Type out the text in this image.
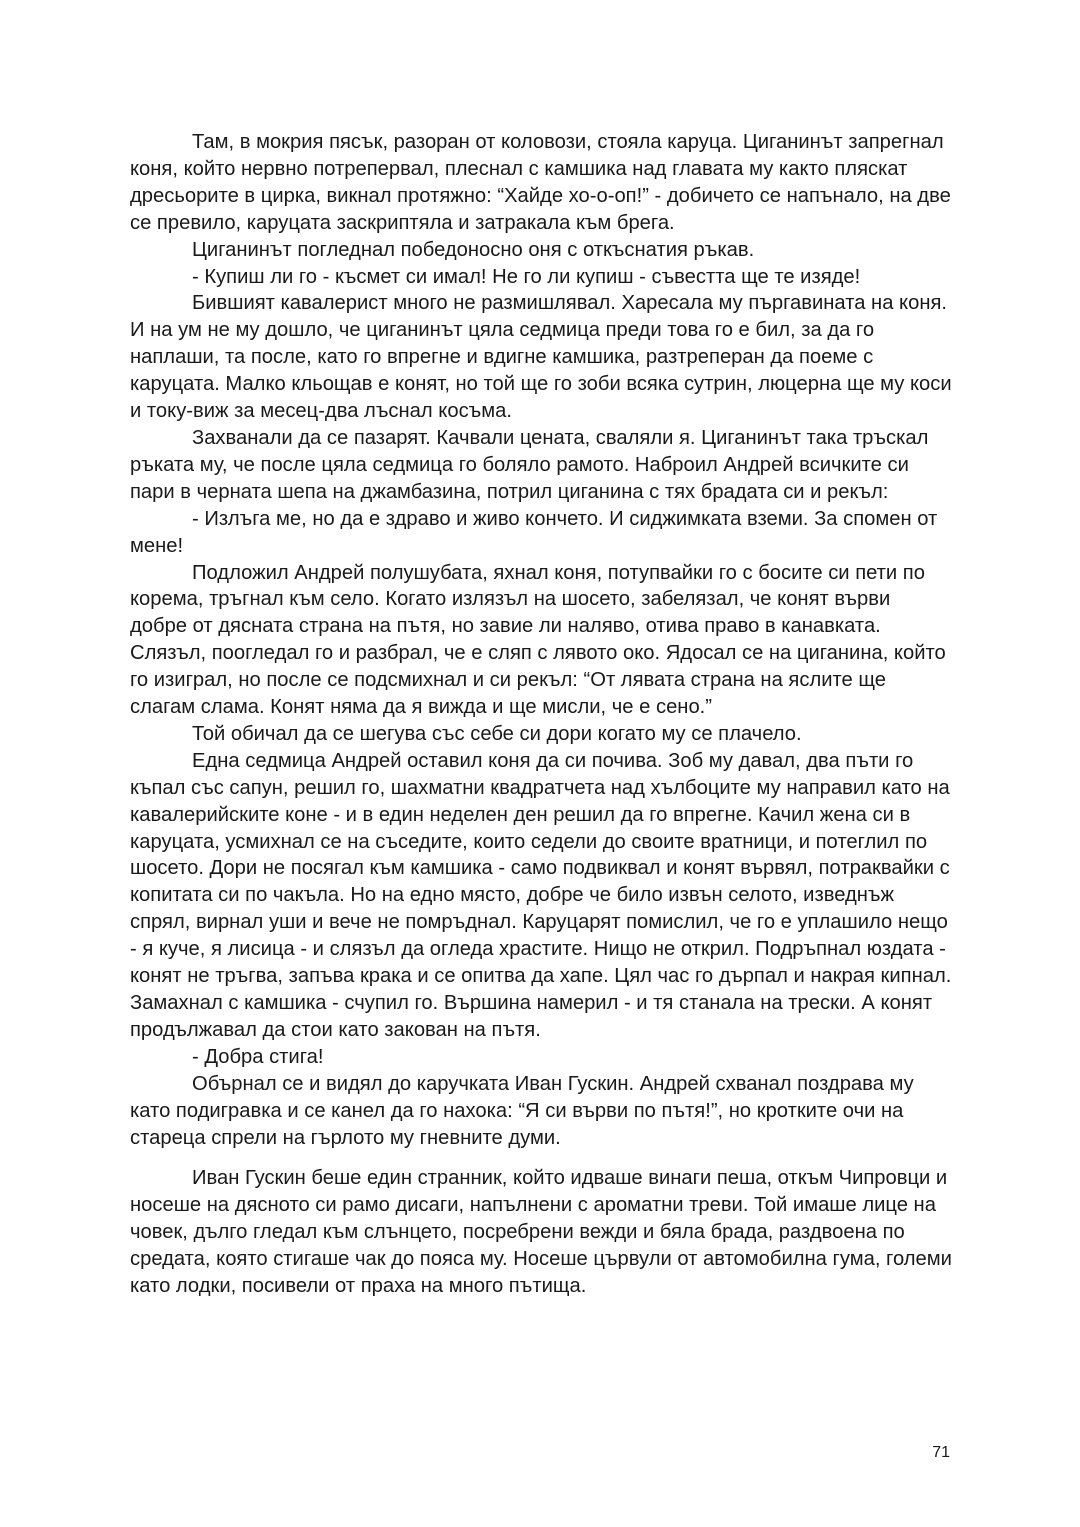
Там, в мокрия пясък, разоран от коловози, стояла каруца. Циганинът запрегнал коня, който нервно потрепервал, плеснал с камшика над главата му както пляскат дресьорите в цирка, викнал протяжно: “Хайде хо-о-оп!” - добичето се напънало, на две се превило, каруцата заскриптяла и затракала към брега.

Циганинът погледнал победоносно оня с откъснатия ръкав.

- Купиш ли го - късмет си имал! Не го ли купиш - съвестта ще те изяде!

Бившият кавалерист много не размишлявал. Харесала му пъргавината на коня. И на ум не му дошло, че циганинът цяла седмица преди това го е бил, за да го наплаши, та после, като го впрегне и вдигне камшика, разтреперан да поеме с каруцата. Малко кльощав е конят, но той ще го зоби всяка сутрин, люцерна ще му коси и току-виж за месец-два лъснал косъма.

Захванали да се пазарят. Качвали цената, сваляли я. Циганинът така тръскал ръката му, че после цяла седмица го боляло рамото. Наброил Андрей всичките си пари в черната шепа на джамбазина, потрил циганина с тях брадата си и рекъл:

- Излъга ме, но да е здраво и живо кончето. И сиджимката вземи. За спомен от мене!

Подложил Андрей полушубата, яхнал коня, потупвайки го с босите си пети по корема, тръгнал към село. Когато излязъл на шосето, забелязал, че конят върви добре от дясната страна на пътя, но завие ли наляво, отива право в канавката. Слязъл, поогледал го и разбрал, че е сляп с лявото око. Ядосал се на циганина, който го изиграл, но после се подсмихнал и си рекъл: “От лявата страна на яслите ще слагам слама. Конят няма да я вижда и ще мисли, че е сено.”

Той обичал да се шегува със себе си дори когато му се плачело.

Една седмица Андрей оставил коня да си почива. Зоб му давал, два пъти го къпал със сапун, решил го, шахматни квадратчета над хълбоците му направил като на кавалерийските коне - и в един неделен ден решил да го впрегне. Качил жена си в каруцата, усмихнал се на съседите, които седели до своите вратници, и потеглил по шосето. Дори не посягал към камшика - само подвиквал и конят вървял, потраквайки с копитата си по чакъла. Но на едно място, добре че било извън селото, изведнъж спрял, вирнал уши и вече не помръднал. Каруцарят помислил, че го е уплашило нещо - я куче, я лисица - и слязъл да огледа храстите. Нищо не открил. Подръпнал юздата - конят не тръгва, запъва крака и се опитва да хапе. Цял час го дърпал и накрая кипнал. Замахнал с камшика - счупил го. Вършина намерил - и тя станала на трески. А конят продължавал да стои като закован на пътя.

- Добра стига!

Обърнал се и видял до каручката Иван Гускин. Андрей схванал поздрава му като подигравка и се канел да го нахока: “Я си върви по пътя!”, но кротките очи на стареца спрели на гърлото му гневните думи.

Иван Гускин беше един странник, който идваше винаги пеша, откъм Чипровци и носеше на дясното си рамо дисаги, напълнени с ароматни треви. Той имаше лице на човек, дълго гледал към слънцето, посребрени вежди и бяла брада, раздвоена по средата, която стигаше чак до пояса му. Носеше цървули от автомобилна гума, големи като лодки, посивели от праха на много пътища.

71
